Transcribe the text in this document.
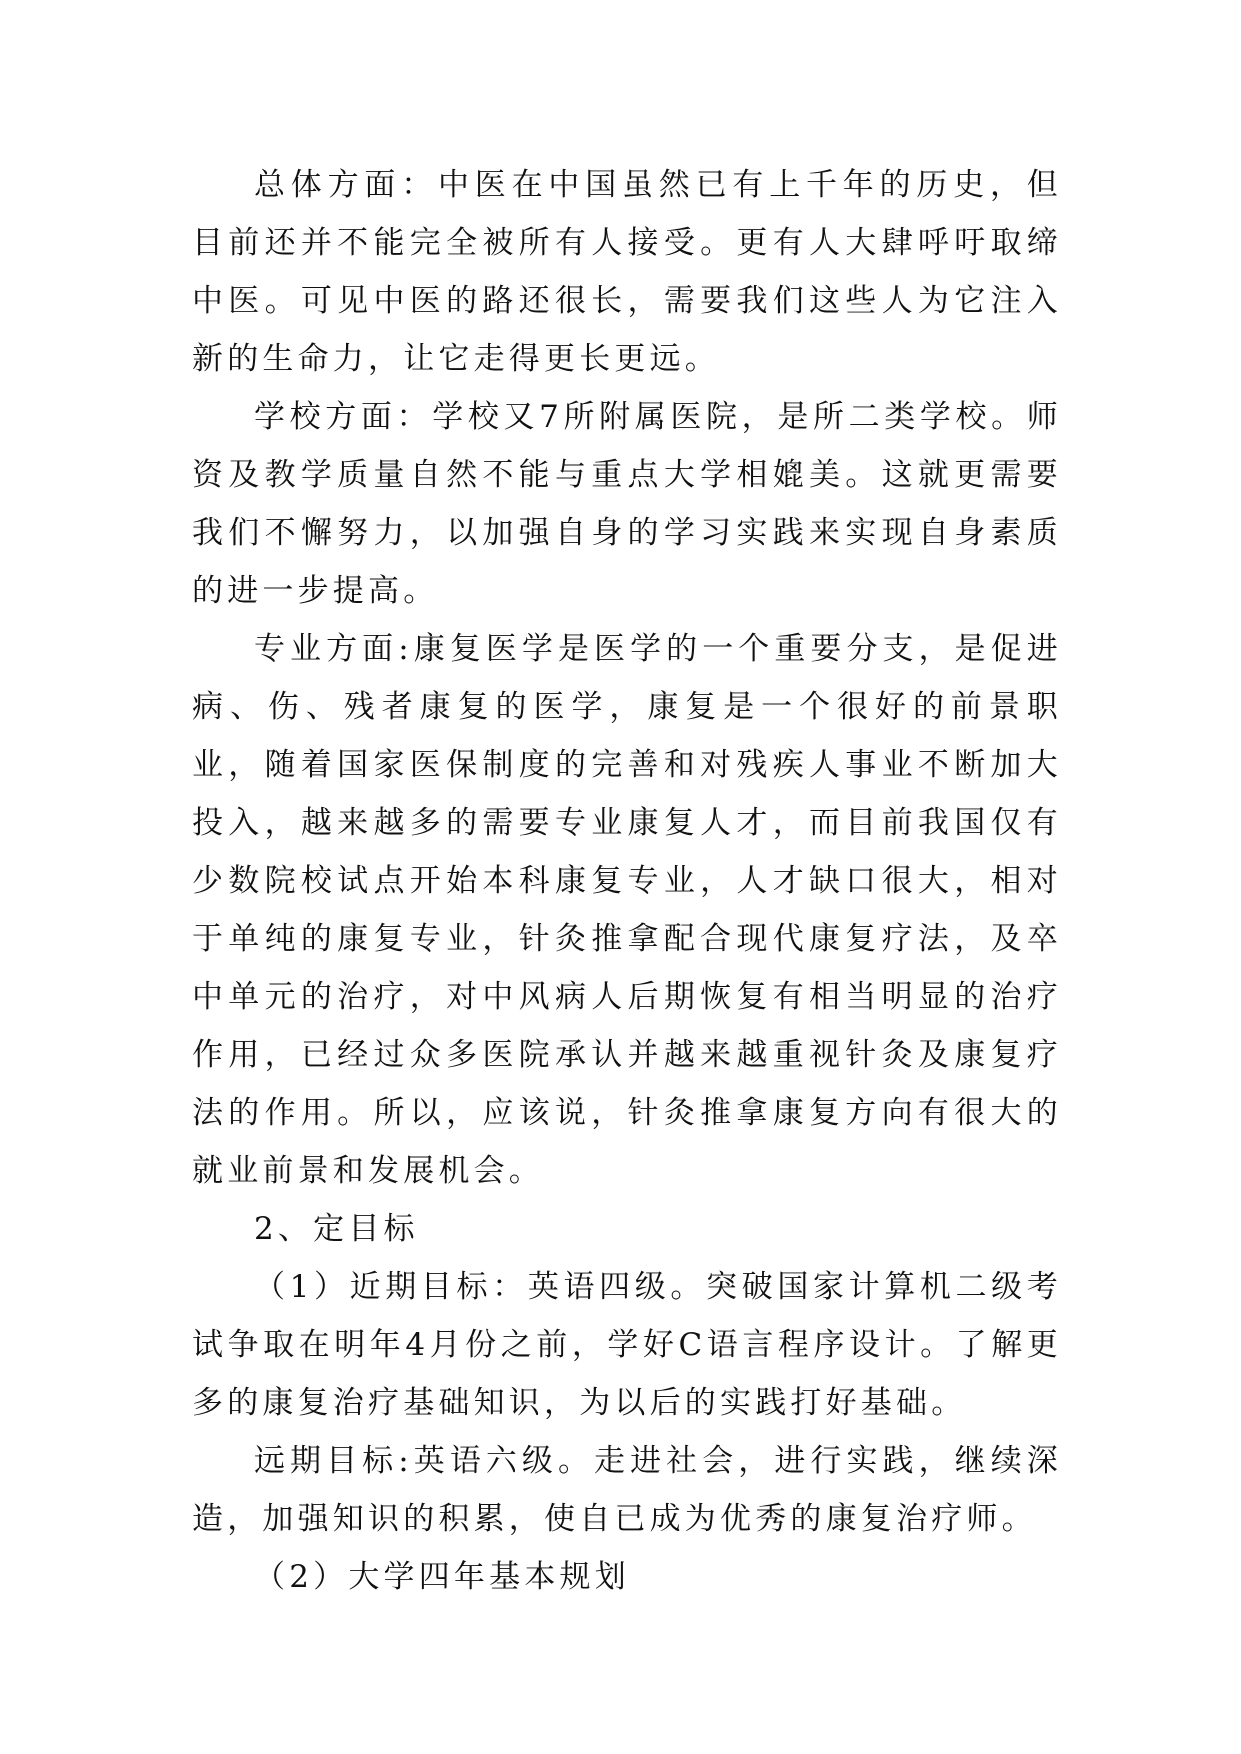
总体方面：中医在中国虽然已有上千年的历史，但目前还并不能完全被所有人接受。更有人大肆呼吁取缔中医。可见中医的路还很长，需要我们这些人为它注入新的生命力，让它走得更长更远。

学校方面：学校又7所附属医院，是所二类学校。师资及教学质量自然不能与重点大学相媲美。这就更需要我们不懈努力，以加强自身的学习实践来实现自身素质的进一步提高。

专业方面:康复医学是医学的一个重要分支，是促进病、伤、残者康复的医学，康复是一个很好的前景职业，随着国家医保制度的完善和对残疾人事业不断加大投入，越来越多的需要专业康复人才，而目前我国仅有少数院校试点开始本科康复专业，人才缺口很大，相对于单纯的康复专业，针灸推拿配合现代康复疗法，及卒中单元的治疗，对中风病人后期恢复有相当明显的治疗作用，已经过众多医院承认并越来越重视针灸及康复疗法的作用。所以，应该说，针灸推拿康复方向有很大的就业前景和发展机会。

2、定目标

（1）近期目标：英语四级。突破国家计算机二级考试争取在明年4月份之前，学好C语言程序设计。了解更多的康复治疗基础知识，为以后的实践打好基础。

远期目标:英语六级。走进社会，进行实践，继续深造，加强知识的积累，使自已成为优秀的康复治疗师。

（2）大学四年基本规划
